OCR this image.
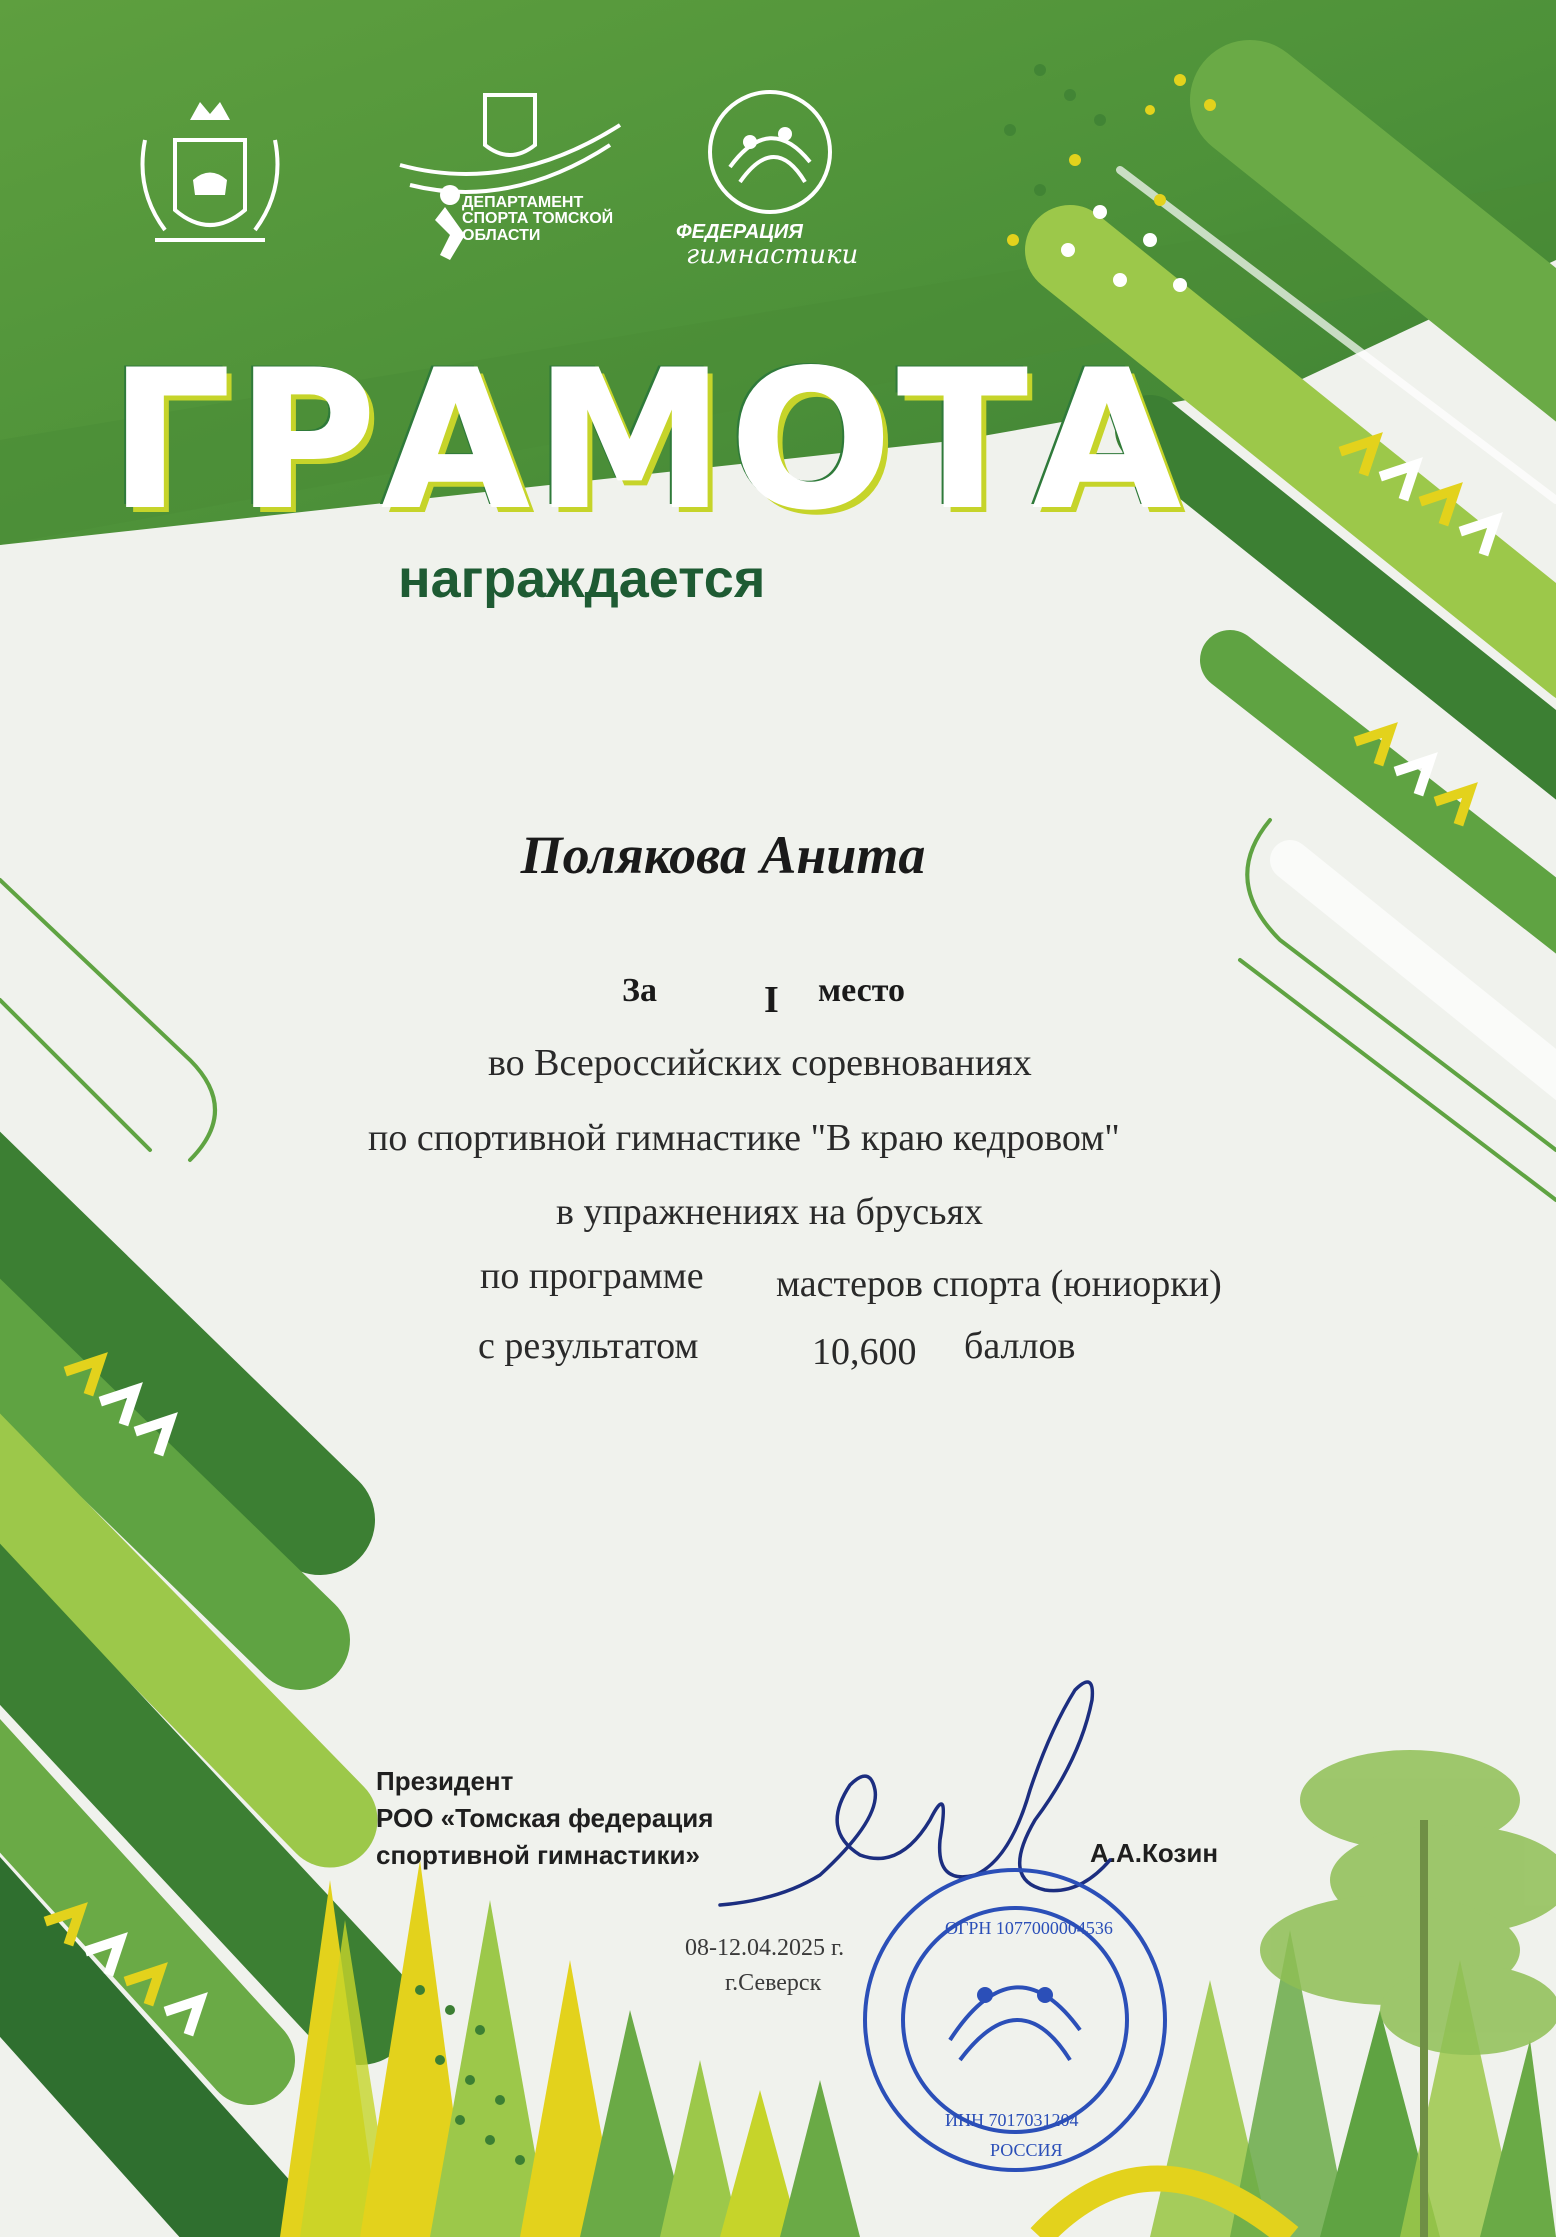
ДЕПАРТАМЕНТ СПОРТА ТОМСКОЙ ОБЛАСТИ	ФЕДЕРАЦИЯ
гимнастики
ГРАМОТА
награждается
Полякова Анита
За	I место
во Всероссийских соревнованиях
по спортивной гимнастике "В краю кедровом"
в упражнениях на брусьях
по программе мастеров спорта (юниорки)
с результатом	10,600 баллов
Президент
РОО «Томская федерация
спортивной гимнастики»	А.А.Козин
08-12.04.2025 г.
г.Северск
ОГРН 1077000004536
ИНН 7017031204
РОССИЯ
